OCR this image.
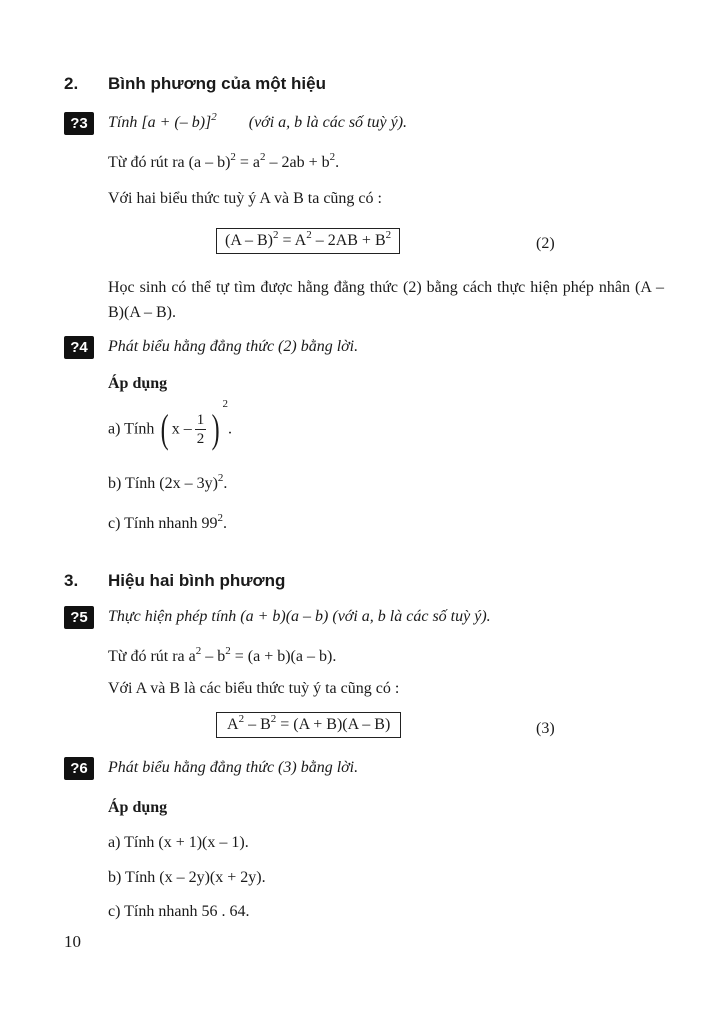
2. Bình phương của một hiệu
?3	Tính [a + (– b)]$^2$ (với a, b là các số tuỳ ý).
Từ đó rút ra $(a - b)^2 = a^2 - 2ab + b^2$.
Với hai biểu thức tuỳ ý A và B ta cũng có :
$(A - B)^2 = A^2 - 2AB + B^2$	(2)
Học sinh có thể tự tìm được hằng đẳng thức (2) bằng cách thực hiện phép nhân (A – B)(A – B).
?4	Phát biểu hằng đẳng thức (2) bằng lời.
Áp dụng
a) Tính ( x – $\frac{1}{2} )^2$.
b) Tính (2x – 3y)$^2$.
c) Tính nhanh $99^2$.
3. Hiệu hai bình phương
?5	Thực hiện phép tính (a + b)(a – b) (với a, b là các số tuỳ ý).
Từ đó rút ra $a^2 - b^2 = (a + b)(a - b)$.
Với A và B là các biểu thức tuỳ ý ta cũng có :
$A^2 - B^2 = (A + B)(A - B)$	(3)
?6	Phát biểu hằng đẳng thức (3) bằng lời.
Áp dụng
a) Tính (x + 1)(x – 1).
b) Tính (x – 2y)(x + 2y).
c) Tính nhanh 56 . 64.
10
